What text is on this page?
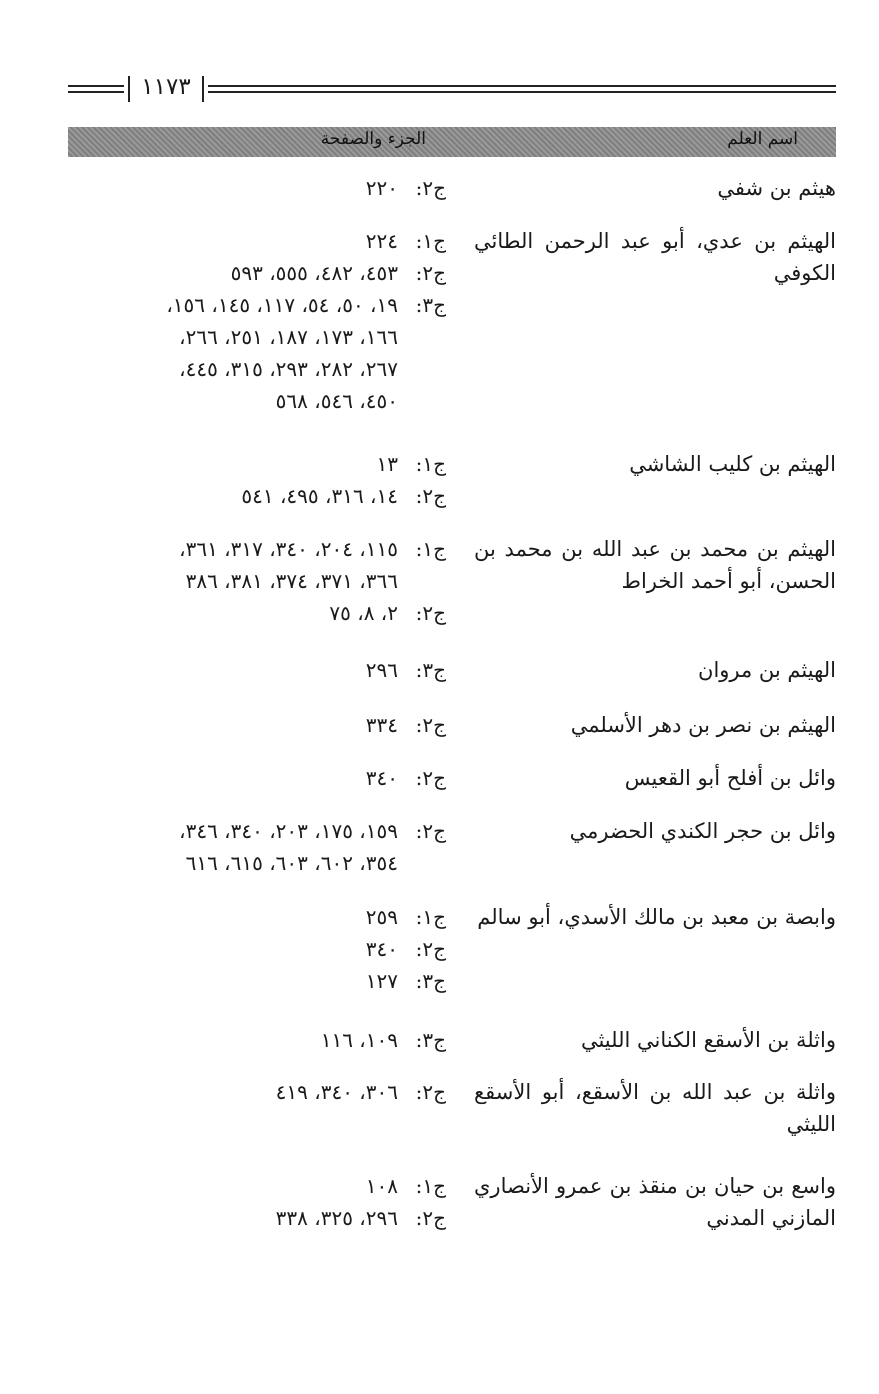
١١٧٣
اسم العلم
الجزء والصفحة
هيثم بن شفي
ج٢:
٢٢٠
الهيثم بن عدي، أبو عبد الرحمن الطائي الكوفي
ج١:
٢٢٤
ج٢:
٤٥٣، ٤٨٢، ٥٥٥، ٥٩٣
ج٣:
١٩، ٥٠، ٥٤، ١١٧، ١٤٥، ١٥٦،
١٦٦، ١٧٣، ١٨٧، ٢٥١، ٢٦٦،
٢٦٧، ٢٨٢، ٢٩٣، ٣١٥، ٤٤٥،
٤٥٠، ٥٤٦، ٥٦٨
الهيثم بن كليب الشاشي
ج١:
١٣
ج٢:
١٤، ٣١٦، ٤٩٥، ٥٤١
الهيثم بن محمد بن عبد الله بن محمد بن الحسن، أبو أحمد الخراط
ج١:
١١٥، ٢٠٤، ٣٤٠، ٣١٧، ٣٦١،
٣٦٦، ٣٧١، ٣٧٤، ٣٨١، ٣٨٦
ج٢:
٢، ٨، ٧٥
الهيثم بن مروان
ج٣:
٢٩٦
الهيثم بن نصر بن دهر الأسلمي
ج٢:
٣٣٤
وائل بن أفلح أبو القعيس
ج٢:
٣٤٠
وائل بن حجر الكندي الحضرمي
ج٢:
١٥٩، ١٧٥، ٢٠٣، ٣٤٠، ٣٤٦،
٣٥٤، ٦٠٢، ٦٠٣، ٦١٥، ٦١٦
وابصة بن معبد بن مالك الأسدي، أبو سالم
ج١:
٢٥٩
ج٢:
٣٤٠
ج٣:
١٢٧
واثلة بن الأسقع الكناني الليثي
ج٣:
١٠٩، ١١٦
واثلة بن عبد الله بن الأسقع، أبو الأسقع الليثي
ج٢:
٣٠٦، ٣٤٠، ٤١٩
واسع بن حيان بن منقذ بن عمرو الأنصاري المازني المدني
ج١:
١٠٨
ج٢:
٢٩٦، ٣٢٥، ٣٣٨
